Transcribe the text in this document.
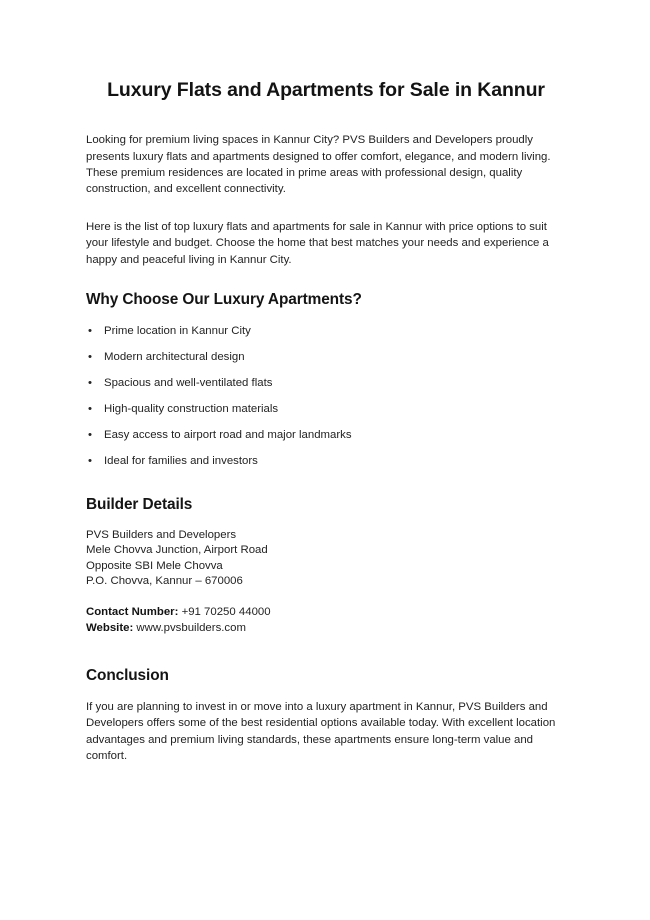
Luxury Flats and Apartments for Sale in Kannur

Looking for premium living spaces in Kannur City? PVS Builders and Developers proudly presents luxury flats and apartments designed to offer comfort, elegance, and modern living. These premium residences are located in prime areas with professional design, quality construction, and excellent connectivity.

Here is the list of top luxury flats and apartments for sale in Kannur with price options to suit your lifestyle and budget. Choose the home that best matches your needs and experience a happy and peaceful living in Kannur City.

Why Choose Our Luxury Apartments?
• Prime location in Kannur City
• Modern architectural design
• Spacious and well-ventilated flats
• High-quality construction materials
• Easy access to airport road and major landmarks
• Ideal for families and investors
Builder Details
PVS Builders and Developers
Mele Chovva Junction, Airport Road
Opposite SBI Mele Chovva
P.O. Chovva, Kannur – 670006
Contact Number: +91 70250 44000
Website: www.pvsbuilders.com
Conclusion

If you are planning to invest in or move into a luxury apartment in Kannur, PVS Builders and Developers offers some of the best residential options available today. With excellent location advantages and premium living standards, these apartments ensure long-term value and comfort.
